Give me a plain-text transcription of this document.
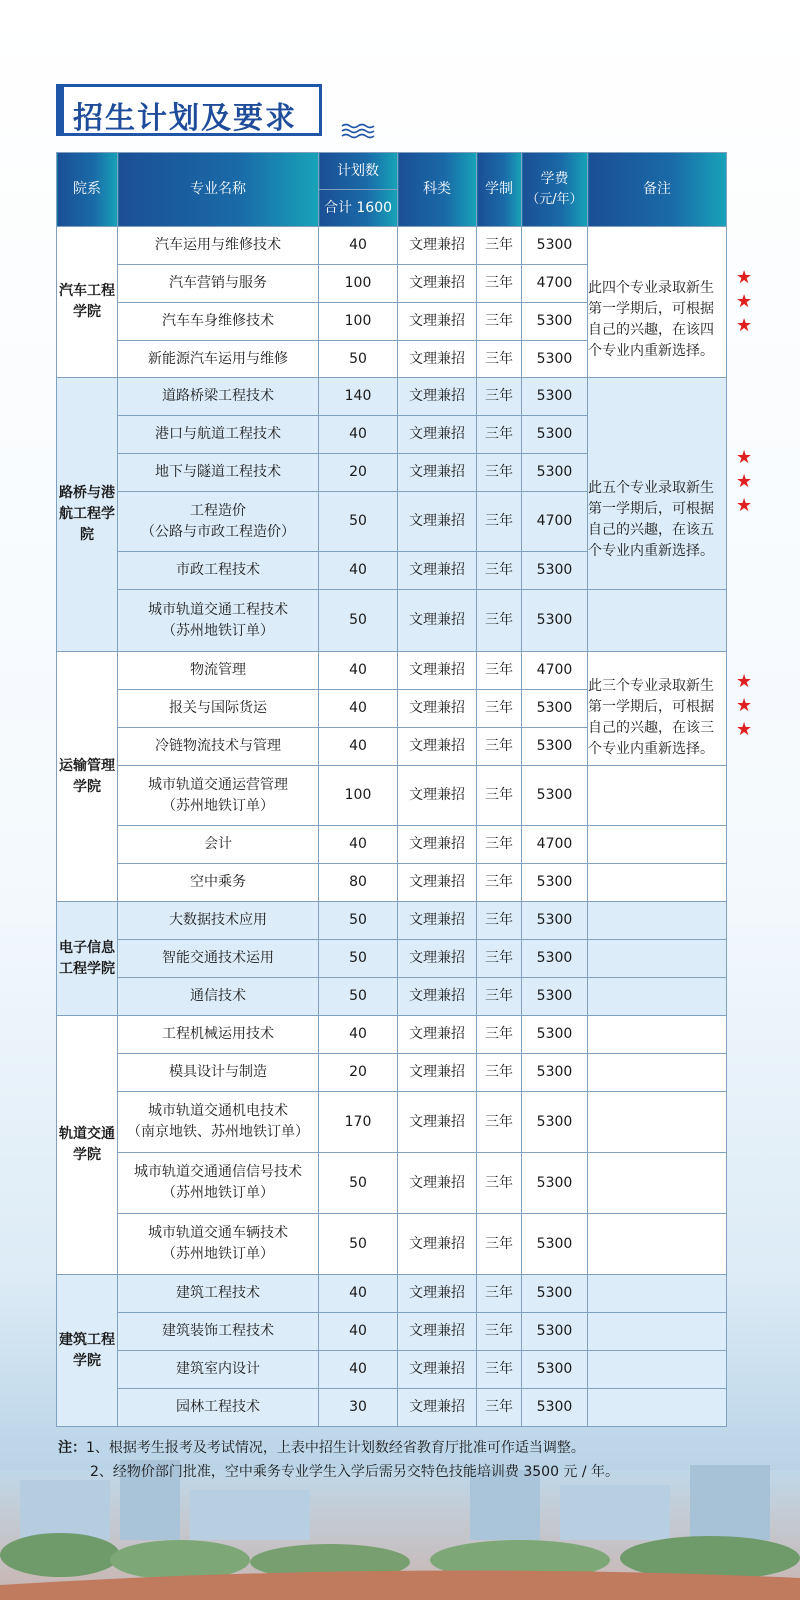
招生计划及要求
院系	专业名称	计划数	科类	学制	学费
（元/年）	备注
		合计 1600				
汽车工程学院	汽车运用与维修技术	40	文理兼招	三年	5300	此四个专业录取新生第一学期后，可根据自己的兴趣，在该四个专业内重新选择。

	汽车营销与服务	100	文理兼招	三年	4700	
	汽车车身维修技术	100	文理兼招	三年	5300	
	新能源汽车运用与维修	50	文理兼招	三年	5300	
路桥与港航工程学院	道路桥梁工程技术	140	文理兼招	三年	5300	此五个专业录取新生第一学期后，可根据自己的兴趣，在该五个专业内重新选择。

	港口与航道工程技术	40	文理兼招	三年	5300	
	地下与隧道工程技术	20	文理兼招	三年	5300	

	工程造价
（公路与市政工程造价）	50	文理兼招	三年	4700	
	市政工程技术	40	文理兼招	三年	5300	

	城市轨道交通工程技术
（苏州地铁订单）	50	文理兼招	三年	5300	
运输管理学院	物流管理	40	文理兼招	三年	4700	此三个专业录取新生第一学期后，可根据自己的兴趣，在该三个专业内重新选择。

	报关与国际货运	40	文理兼招	三年	5300	
	冷链物流技术与管理	40	文理兼招	三年	5300	

	城市轨道交通运营管理
（苏州地铁订单）	100	文理兼招	三年	5300	
	会计	40	文理兼招	三年	4700	
	空中乘务	80	文理兼招	三年	5300	
电子信息工程学院	大数据技术应用	50	文理兼招	三年	5300	
	智能交通技术运用	50	文理兼招	三年	5300	
	通信技术	50	文理兼招	三年	5300	
轨道交通学院	工程机械运用技术	40	文理兼招	三年	5300	
	模具设计与制造	20	文理兼招	三年	5300	

	城市轨道交通机电技术
（南京地铁、苏州地铁订单）	170	文理兼招	三年	5300	

	城市轨道交通通信信号技术
（苏州地铁订单）	50	文理兼招	三年	5300	

	城市轨道交通车辆技术
（苏州地铁订单）	50	文理兼招	三年	5300	
建筑工程学院	建筑工程技术	40	文理兼招	三年	5300	
	建筑装饰工程技术	40	文理兼招	三年	5300	
	建筑室内设计	40	文理兼招	三年	5300	
	园林工程技术	30	文理兼招	三年	5300	
★
★
★
★
★
★
★
★
★
注：1、根据考生报考及考试情况，上表中招生计划数经省教育厅批准可作适当调整。
2、经物价部门批准，空中乘务专业学生入学后需另交特色技能培训费 3500 元 / 年。
